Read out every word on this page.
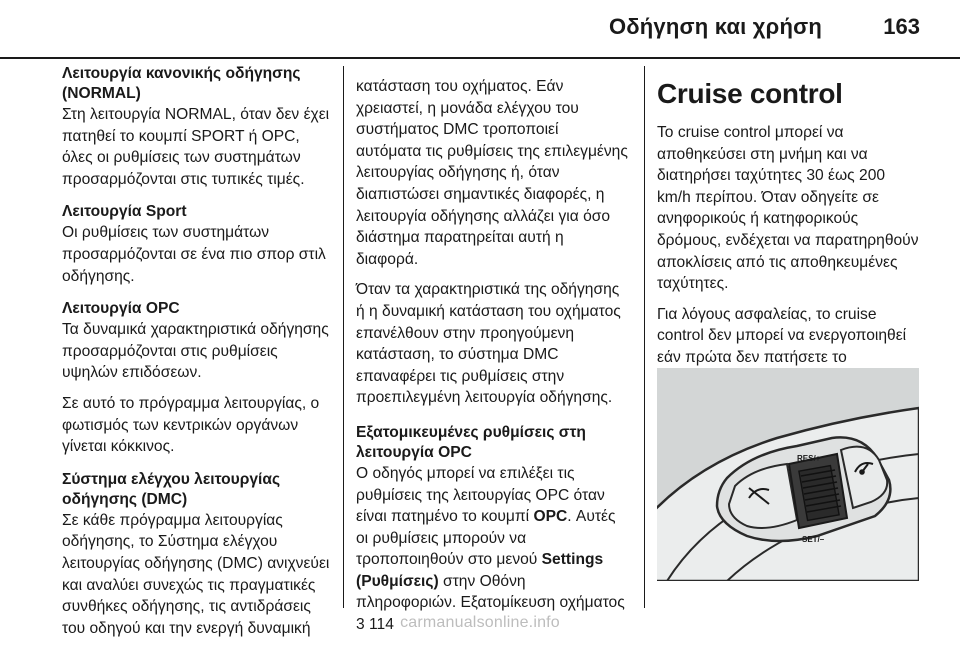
Οδήγηση και χρήση	163
Λειτουργία κανονικής οδήγησης (NORMAL)

Στη λειτουργία NORMAL, όταν δεν έχει πατηθεί το κουμπί SPORT ή OPC, όλες οι ρυθμίσεις των συστημάτων προσαρμόζονται στις τυπικές τιμές.

Λειτουργία Sport

Οι ρυθμίσεις των συστημάτων προσαρμόζονται σε ένα πιο σπορ στιλ οδήγησης.

Λειτουργία OPC

Τα δυναμικά χαρακτηριστικά οδήγησης προσαρμόζονται στις ρυθμίσεις υψηλών επιδόσεων.

Σε αυτό το πρόγραμμα λειτουργίας, ο φωτισμός των κεντρικών οργάνων γίνεται κόκκινος.

Σύστημα ελέγχου λειτουργίας οδήγησης (DMC)

Σε κάθε πρόγραμμα λειτουργίας οδήγησης, το Σύστημα ελέγχου λειτουργίας οδήγησης (DMC) ανιχνεύει και αναλύει συνεχώς τις πραγματικές συνθήκες οδήγησης, τις αντιδράσεις του οδηγού και την ενεργή δυναμική

κατάσταση του οχήματος. Εάν χρειαστεί, η μονάδα ελέγχου του συστήματος DMC τροποποιεί αυτόματα τις ρυθμίσεις της επιλεγμένης λειτουργίας οδήγησης ή, όταν διαπιστώσει σημαντικές διαφορές, η λειτουργία οδήγησης αλλάζει για όσο διάστημα παρατηρείται αυτή η διαφορά.

Όταν τα χαρακτηριστικά της οδήγησης ή η δυναμική κατάσταση του οχήματος επανέλθουν στην προηγούμενη κατάσταση, το σύστημα DMC επαναφέρει τις ρυθμίσεις στην προεπιλεγμένη λειτουργία οδήγησης.

Εξατομικευμένες ρυθμίσεις στη λειτουργία OPC

Ο οδηγός μπορεί να επιλέξει τις ρυθμίσεις της λειτουργίας OPC όταν είναι πατημένο το κουμπί OPC. Αυτές οι ρυθμίσεις μπορούν να τροποποιηθούν στο μενού Settings (Ρυθμίσεις) στην Οθόνη πληροφοριών. Εξατομίκευση οχήματος 3 114

Cruise control

Το cruise control μπορεί να αποθηκεύσει στη μνήμη και να διατηρήσει ταχύτητες 30 έως 200 km/h περίπου. Όταν οδηγείτε σε ανηφορικούς ή κατηφορικούς δρόμους, ενδέχεται να παρατηρηθούν αποκλίσεις από τις αποθηκευμένες ταχύτητες.

Για λόγους ασφαλείας, το cruise control δεν μπορεί να ενεργοποιηθεί εάν πρώτα δεν πατήσετε το

RES/+
SET/–
carmanualsonline.info
